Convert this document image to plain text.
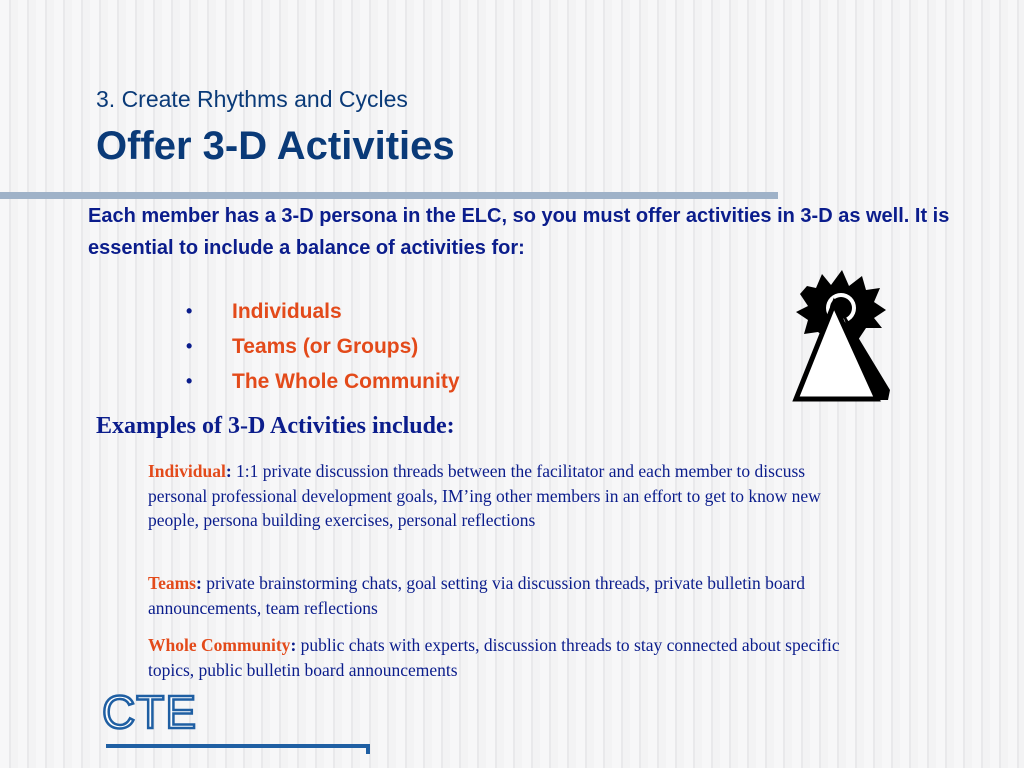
3. Create Rhythms and Cycles
Offer 3-D Activities

Each member has a 3-D persona in the ELC, so you must offer activities in 3-D as well. It is essential to include a balance of activities for:

•	Individuals
•	Teams (or Groups)
•	The Whole Community
Examples of 3-D Activities include:

Individual: 1:1 private discussion threads between the facilitator and each member to discuss personal professional development goals, IM’ing other members in an effort to get to know new people, persona building exercises, personal reflections

Teams: private brainstorming chats, goal setting via discussion threads, private bulletin board announcements, team reflections

Whole Community: public chats with experts, discussion threads to stay connected about specific topics, public bulletin board announcements

CTE
